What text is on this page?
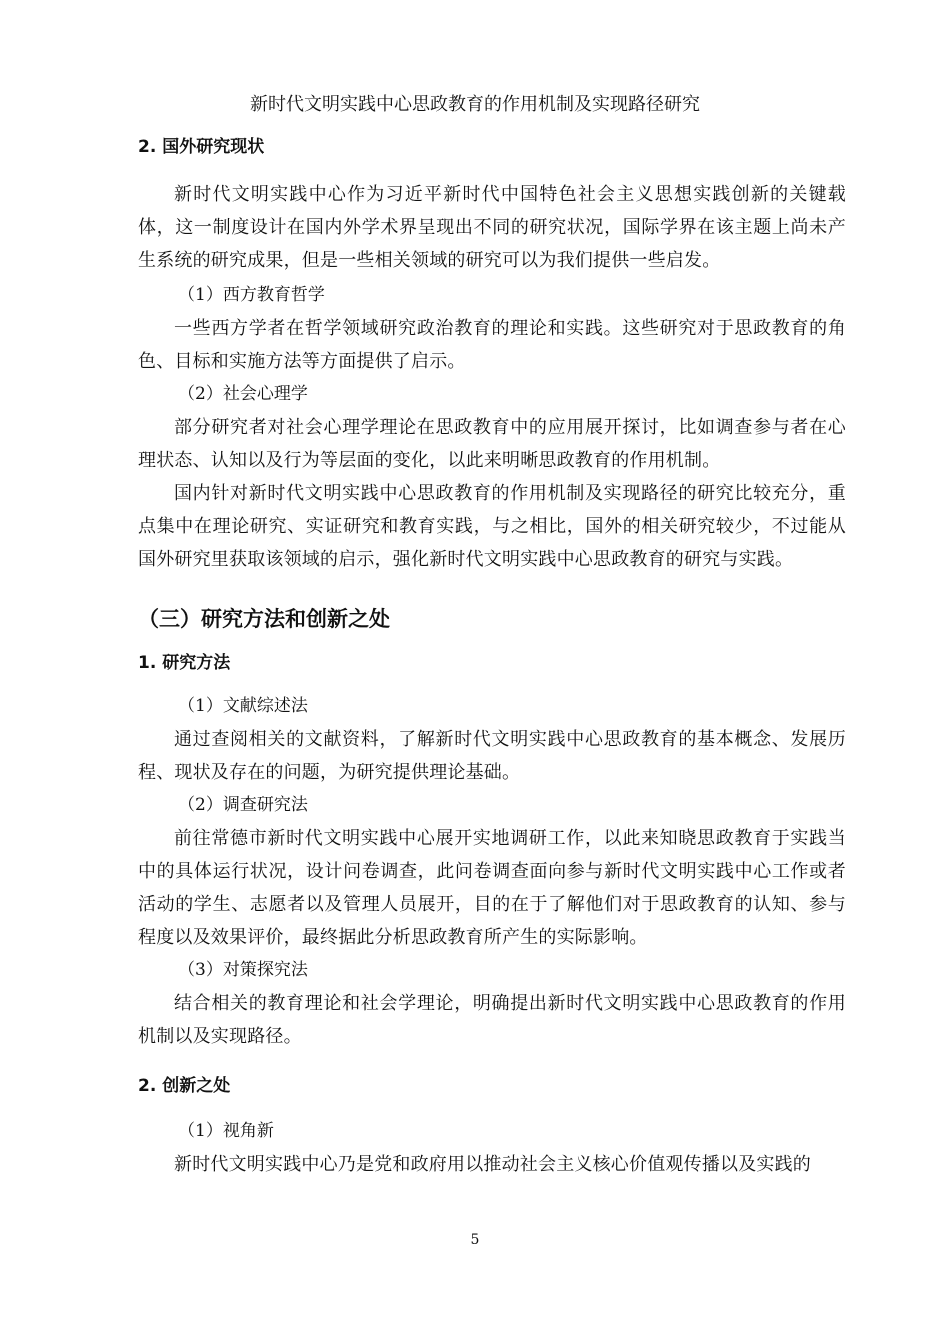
新时代文明实践中心思政教育的作用机制及实现路径研究

2. 国外研究现状

新时代文明实践中心作为习近平新时代中国特色社会主义思想实践创新的关键载体，这一制度设计在国内外学术界呈现出不同的研究状况，国际学界在该主题上尚未产生系统的研究成果，但是一些相关领域的研究可以为我们提供一些启发。

（1）西方教育哲学

一些西方学者在哲学领域研究政治教育的理论和实践。这些研究对于思政教育的角色、目标和实施方法等方面提供了启示。

（2）社会心理学

部分研究者对社会心理学理论在思政教育中的应用展开探讨，比如调查参与者在心理状态、认知以及行为等层面的变化，以此来明晰思政教育的作用机制。

国内针对新时代文明实践中心思政教育的作用机制及实现路径的研究比较充分，重点集中在理论研究、实证研究和教育实践，与之相比，国外的相关研究较少，不过能从国外研究里获取该领域的启示，强化新时代文明实践中心思政教育的研究与实践。

（三）研究方法和创新之处

1. 研究方法

（1）文献综述法

通过查阅相关的文献资料，了解新时代文明实践中心思政教育的基本概念、发展历程、现状及存在的问题，为研究提供理论基础。

（2）调查研究法

前往常德市新时代文明实践中心展开实地调研工作，以此来知晓思政教育于实践当中的具体运行状况，设计问卷调查，此问卷调查面向参与新时代文明实践中心工作或者活动的学生、志愿者以及管理人员展开，目的在于了解他们对于思政教育的认知、参与程度以及效果评价，最终据此分析思政教育所产生的实际影响。

（3）对策探究法

结合相关的教育理论和社会学理论，明确提出新时代文明实践中心思政教育的作用机制以及实现路径。

2. 创新之处

（1）视角新

新时代文明实践中心乃是党和政府用以推动社会主义核心价值观传播以及实践的

5
